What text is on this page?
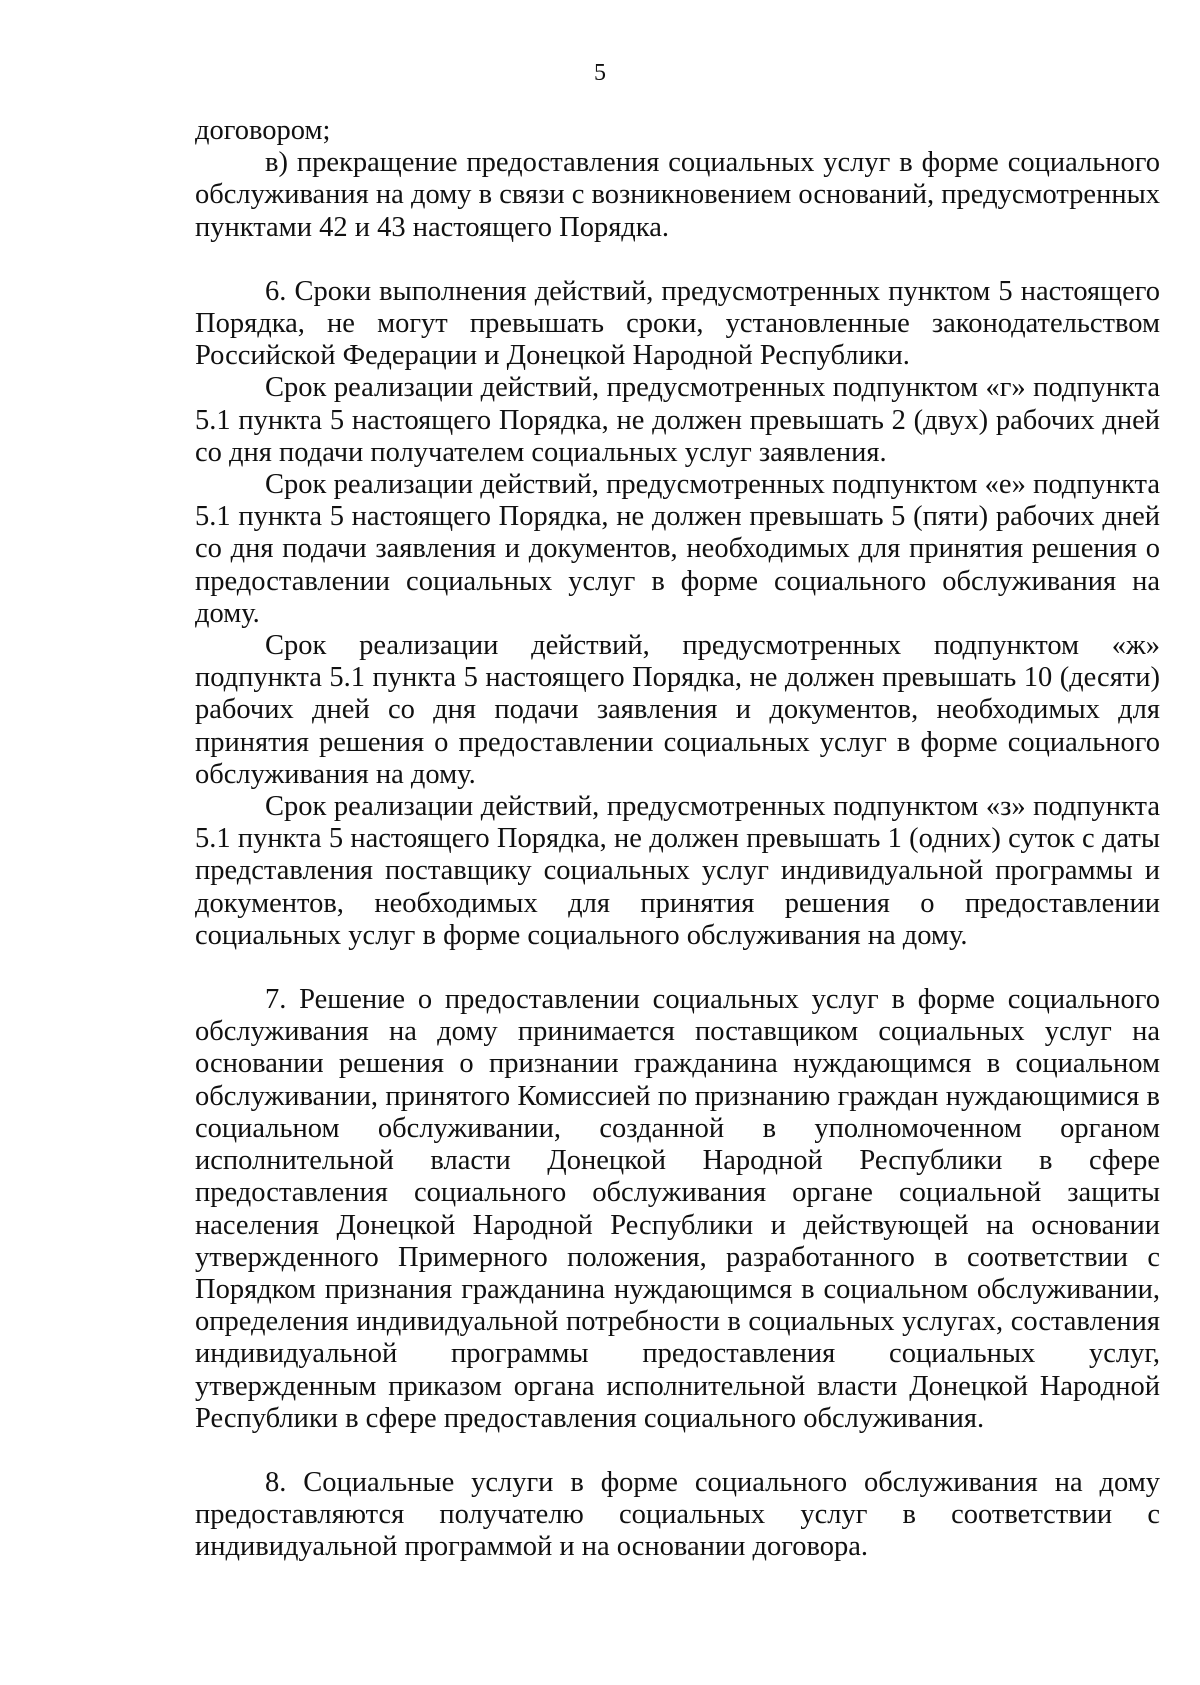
5

договором;

в) прекращение предоставления социальных услуг в форме социального обслуживания на дому в связи с возникновением оснований, предусмотренных пунктами 42 и 43 настоящего Порядка.

6. Сроки выполнения действий, предусмотренных пунктом 5 настоящего Порядка, не могут превышать сроки, установленные законодательством Российской Федерации и Донецкой Народной Республики.

Срок реализации действий, предусмотренных подпунктом «г» подпункта 5.1 пункта 5 настоящего Порядка, не должен превышать 2 (двух) рабочих дней со дня подачи получателем социальных услуг заявления.

Срок реализации действий, предусмотренных подпунктом «е» подпункта 5.1 пункта 5 настоящего Порядка, не должен превышать 5 (пяти) рабочих дней со дня подачи заявления и документов, необходимых для принятия решения о предоставлении социальных услуг в форме социального обслуживания на дому.

Срок реализации действий, предусмотренных подпунктом «ж» подпункта 5.1 пункта 5 настоящего Порядка, не должен превышать 10 (десяти) рабочих дней со дня подачи заявления и документов, необходимых для принятия решения о предоставлении социальных услуг в форме социального обслуживания на дому.

Срок реализации действий, предусмотренных подпунктом «з» подпункта 5.1 пункта 5 настоящего Порядка, не должен превышать 1 (одних) суток с даты представления поставщику социальных услуг индивидуальной программы и документов, необходимых для принятия решения о предоставлении социальных услуг в форме социального обслуживания на дому.

7. Решение о предоставлении социальных услуг в форме социального обслуживания на дому принимается поставщиком социальных услуг на основании решения о признании гражданина нуждающимся в социальном обслуживании, принятого Комиссией по признанию граждан нуждающимися в социальном обслуживании, созданной в уполномоченном органом исполнительной власти Донецкой Народной Республики в сфере предоставления социального обслуживания органе социальной защиты населения Донецкой Народной Республики и действующей на основании утвержденного Примерного положения, разработанного в соответствии с Порядком признания гражданина нуждающимся в социальном обслуживании, определения индивидуальной потребности в социальных услугах, составления индивидуальной программы предоставления социальных услуг, утвержденным приказом органа исполнительной власти Донецкой Народной Республики в сфере предоставления социального обслуживания.

8. Социальные услуги в форме социального обслуживания на дому предоставляются получателю социальных услуг в соответствии с индивидуальной программой и на основании договора.
